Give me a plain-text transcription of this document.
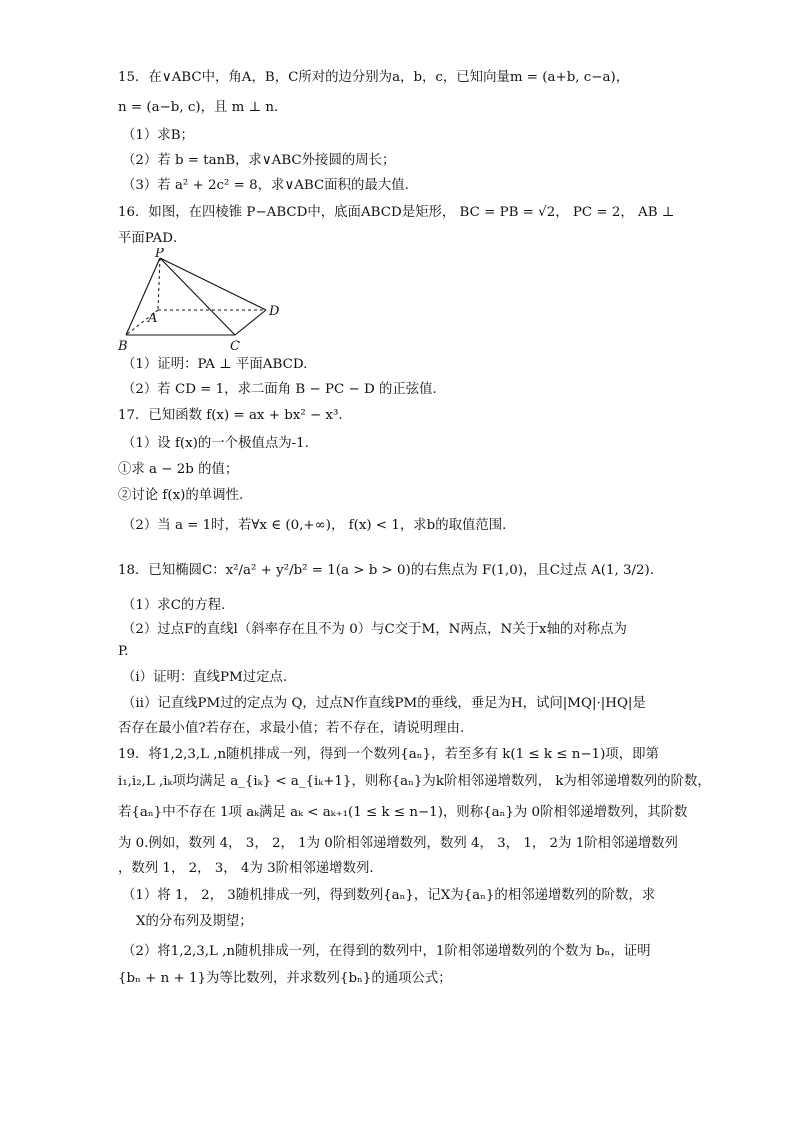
15．在∨ABC中，角A，B，C所对的边分别为a，b，c，已知向量m = (a+b, c−a)，
n = (a−b, c)，且 m ⊥ n．
（1）求B；
（2）若 b = tanB，求∨ABC外接圆的周长；
（3）若 a² + 2c² = 8，求∨ABC面积的最大值.
16．如图，在四棱锥 P−ABCD中，底面ABCD是矩形， BC = PB = √2， PC = 2， AB ⊥
平面PAD．
（1）证明：PA ⊥ 平面ABCD.
（2）若 CD = 1，求二面角 B − PC − D 的正弦值.
17．已知函数 f(x) = ax + bx² − x³.
（1）设 f(x)的一个极值点为-1.
①求 a − 2b 的值；
②讨论 f(x)的单调性.
（2）当 a = 1时，若∀x ∈ (0,+∞)， f(x) < 1，求b的取值范围.
18．已知椭圆C：x²/a² + y²/b² = 1(a > b > 0)的右焦点为 F(1,0)，且C过点 A(1, 3/2).
（1）求C的方程.
（2）过点F的直线l（斜率存在且不为 0）与C交于M，N两点，N关于x轴的对称点为
P.
（i）证明：直线PM过定点.
（ii）记直线PM过的定点为 Q，过点N作直线PM的垂线，垂足为H，试问|MQ|·|HQ|是
否存在最小值?若存在，求最小值；若不存在，请说明理由.
19．将1,2,3,L ,n随机排成一列，得到一个数列{aₙ}，若至多有 k(1 ≤ k ≤ n−1)项，即第
i₁,i₂,L ,iₖ项均满足 a_{iₖ} < a_{iₖ+1}，则称{aₙ}为k阶相邻递增数列， k为相邻递增数列的阶数，
若{aₙ}中不存在 1项 aₖ满足 aₖ < aₖ₊₁(1 ≤ k ≤ n−1)，则称{aₙ}为 0阶相邻递增数列，其阶数
为 0.例如，数列 4， 3， 2， 1为 0阶相邻递增数列，数列 4， 3， 1， 2为 1阶相邻递增数列
，数列 1， 2， 3， 4为 3阶相邻递增数列.
（1）将 1， 2， 3随机排成一列，得到数列{aₙ}，记X为{aₙ}的相邻递增数列的阶数，求
X的分布列及期望；
（2）将1,2,3,L ,n随机排成一列，在得到的数列中，1阶相邻递增数列的个数为 bₙ，证明
{bₙ + n + 1}为等比数列，并求数列{bₙ}的通项公式；
P
A
B	C
D
